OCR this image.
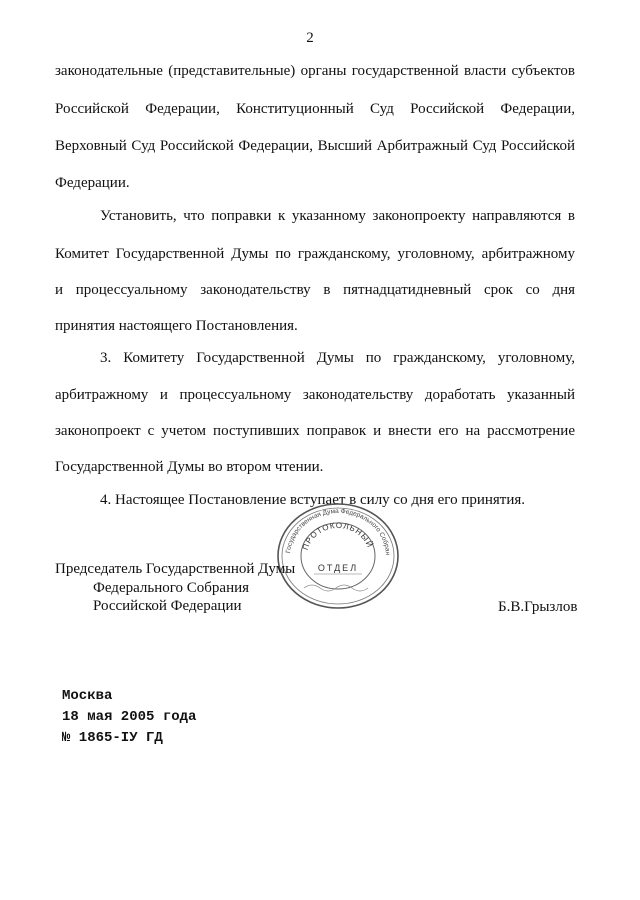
2
законодательные (представительные) органы государственной власти субъектов
Российской Федерации, Конституционный Суд Российской Федерации,
Верховный Суд Российской Федерации, Высший Арбитражный Суд Российской
Федерации.
Установить, что поправки к указанному законопроекту направляются в
Комитет Государственной Думы по гражданскому, уголовному, арбитражному
и процессуальному законодательству в пятнадцатидневный срок со дня
принятия настоящего Постановления.
3. Комитету Государственной Думы по гражданскому, уголовному,
арбитражному и процессуальному законодательству доработать указанный
законопроект с учетом поступивших поправок и внести его на рассмотрение
Государственной Думы во втором чтении.
4. Настоящее Постановление вступает в силу со дня его принятия.
Государственная Дума Федерального Собран
ПРОТОКОЛЬНЫЙ
ОТДЕЛ
Председатель Государственной Думы
Федерального Собрания
Российской Федерации	Б.В.Грызлов
Москва
18 мая 2005 года
№ 1865-IУ ГД
